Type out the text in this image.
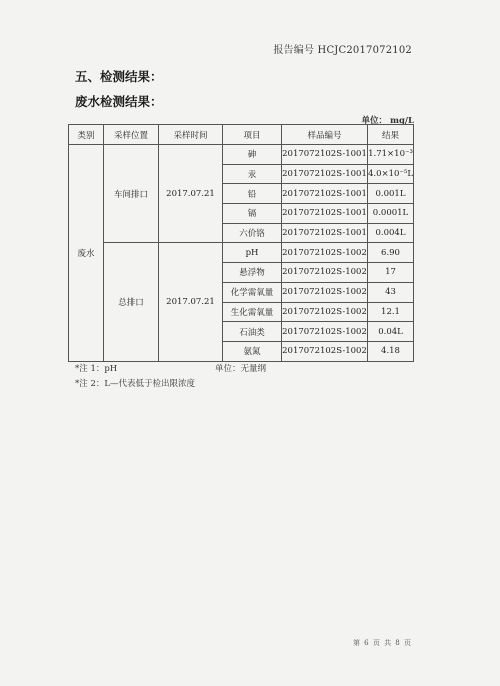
报告编号 HCJC2017072102
五、检测结果：
废水检测结果：
单位： mg/L
类别	采样位置	采样时间	项目	样品编号	结果
废水	车间排口	2017.07.21	砷	2017072102S-1001	1.71×10⁻³
			汞	2017072102S-1001	4.0×10⁻⁵L
			铅	2017072102S-1001	0.001L
			镉	2017072102S-1001	0.0001L
			六价铬	2017072102S-1001	0.004L
	总排口	2017.07.21	pH	2017072102S-1002	6.90
			悬浮物	2017072102S-1002	17
			化学需氧量	2017072102S-1002	43
			生化需氧量	2017072102S-1002	12.1
			石油类	2017072102S-1002	0.04L
			氨氮	2017072102S-1002	4.18
*注 1：pH	单位：无量纲
*注 2：L—代表低于检出限浓度
第 6 页 共 8 页
